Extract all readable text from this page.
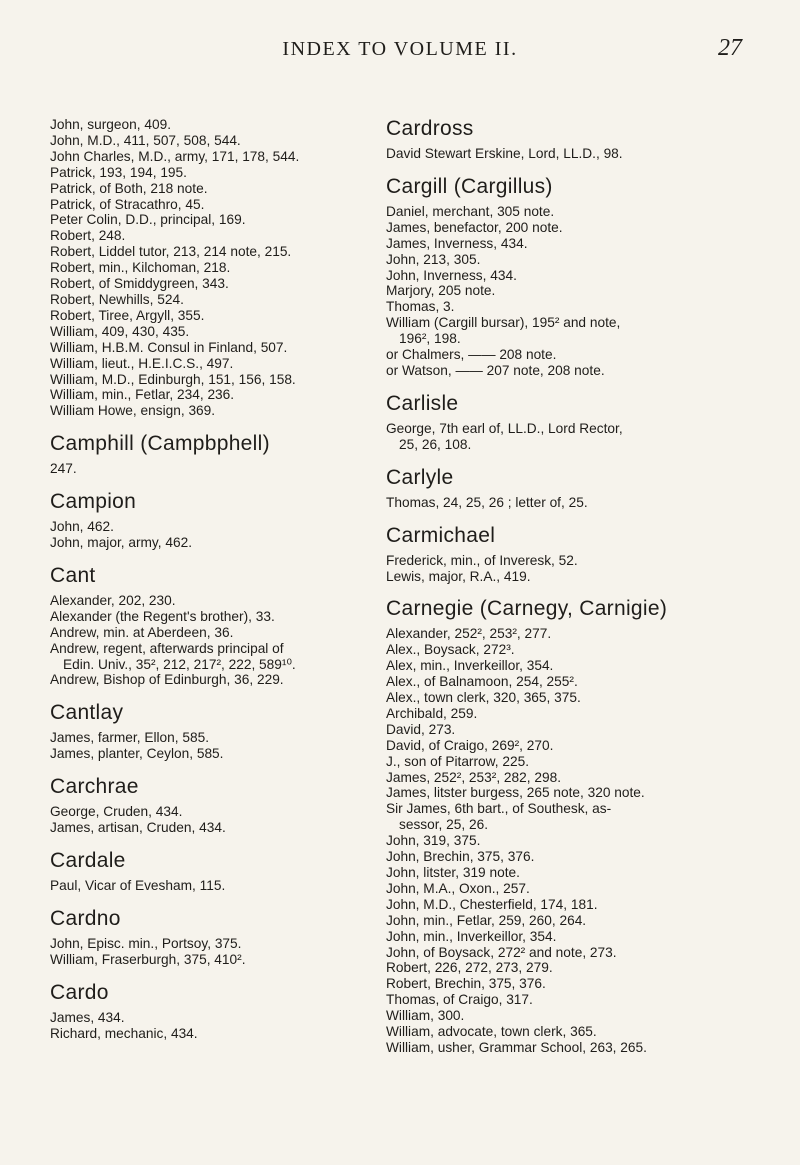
INDEX TO VOLUME II.	27
John, surgeon, 409.
John, M.D., 411, 507, 508, 544.
John Charles, M.D., army, 171, 178, 544.
Patrick, 193, 194, 195.
Patrick, of Both, 218 note.
Patrick, of Stracathro, 45.
Peter Colin, D.D., principal, 169.
Robert, 248.
Robert, Liddel tutor, 213, 214 note, 215.
Robert, min., Kilchoman, 218.
Robert, of Smiddygreen, 343.
Robert, Newhills, 524.
Robert, Tiree, Argyll, 355.
William, 409, 430, 435.
William, H.B.M. Consul in Finland, 507.
William, lieut., H.E.I.C.S., 497.
William, M.D., Edinburgh, 151, 156, 158.
William, min., Fetlar, 234, 236.
William Howe, ensign, 369.
Camphill (Campbphell)
247.
Campion
John, 462.
John, major, army, 462.
Cant
Alexander, 202, 230.
Alexander (the Regent's brother), 33.
Andrew, min. at Aberdeen, 36.
Andrew, regent, afterwards principal of
Edin. Univ., 35², 212, 217², 222, 589¹⁰.
Andrew, Bishop of Edinburgh, 36, 229.
Cantlay
James, farmer, Ellon, 585.
James, planter, Ceylon, 585.
Carchrae
George, Cruden, 434.
James, artisan, Cruden, 434.
Cardale
Paul, Vicar of Evesham, 115.
Cardno
John, Episc. min., Portsoy, 375.
William, Fraserburgh, 375, 410².
Cardo
James, 434.
Richard, mechanic, 434.
Cardross
David Stewart Erskine, Lord, LL.D., 98.
Cargill (Cargillus)
Daniel, merchant, 305 note.
James, benefactor, 200 note.
James, Inverness, 434.
John, 213, 305.
John, Inverness, 434.
Marjory, 205 note.
Thomas, 3.
William (Cargill bursar), 195² and note,
196², 198.
or Chalmers, —— 208 note.
or Watson, —— 207 note, 208 note.
Carlisle
George, 7th earl of, LL.D., Lord Rector,
25, 26, 108.
Carlyle
Thomas, 24, 25, 26 ; letter of, 25.
Carmichael
Frederick, min., of Inveresk, 52.
Lewis, major, R.A., 419.
Carnegie (Carnegy, Carnigie)
Alexander, 252², 253², 277.
Alex., Boysack, 272³.
Alex, min., Inverkeillor, 354.
Alex., of Balnamoon, 254, 255².
Alex., town clerk, 320, 365, 375.
Archibald, 259.
David, 273.
David, of Craigo, 269², 270.
J., son of Pitarrow, 225.
James, 252², 253², 282, 298.
James, litster burgess, 265 note, 320 note.
Sir James, 6th bart., of Southesk, as-
sessor, 25, 26.
John, 319, 375.
John, Brechin, 375, 376.
John, litster, 319 note.
John, M.A., Oxon., 257.
John, M.D., Chesterfield, 174, 181.
John, min., Fetlar, 259, 260, 264.
John, min., Inverkeillor, 354.
John, of Boysack, 272² and note, 273.
Robert, 226, 272, 273, 279.
Robert, Brechin, 375, 376.
Thomas, of Craigo, 317.
William, 300.
William, advocate, town clerk, 365.
William, usher, Grammar School, 263, 265.
